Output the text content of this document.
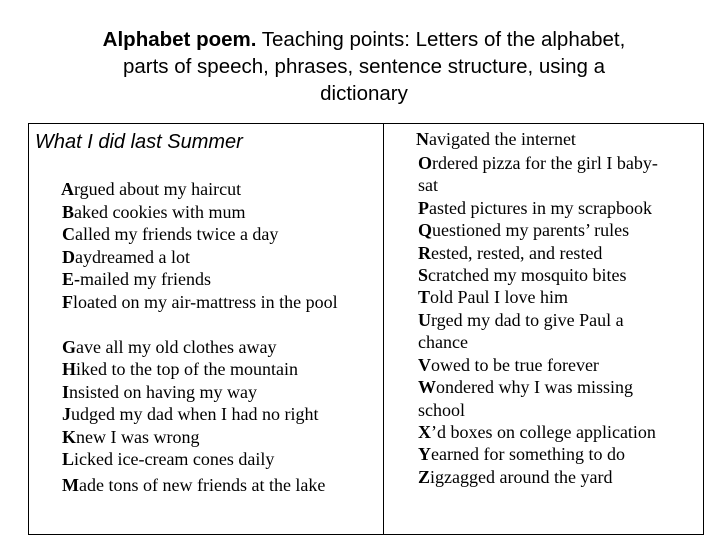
Alphabet poem. Teaching points: Letters of the alphabet,
parts of speech, phrases, sentence structure, using a
dictionary
What I did last Summer
Argued about my haircut
Baked cookies with mum
Called my friends twice a day
Daydreamed a lot
E-mailed my friends
Floated on my air-mattress in the pool
Gave all my old clothes away
Hiked to the top of the mountain
Insisted on having my way
Judged my dad when I had no right
Knew I was wrong
Licked ice-cream cones daily
Made tons of new friends at the lake
Navigated the internet
Ordered pizza for the girl I baby-
sat
Pasted pictures in my scrapbook
Questioned my parents’ rules
Rested, rested, and rested
Scratched my mosquito bites
Told Paul I love him
Urged my dad to give Paul a
chance
Vowed to be true forever
Wondered why I was missing
school
X’d boxes on college application
Yearned for something to do
Zigzagged around the yard
